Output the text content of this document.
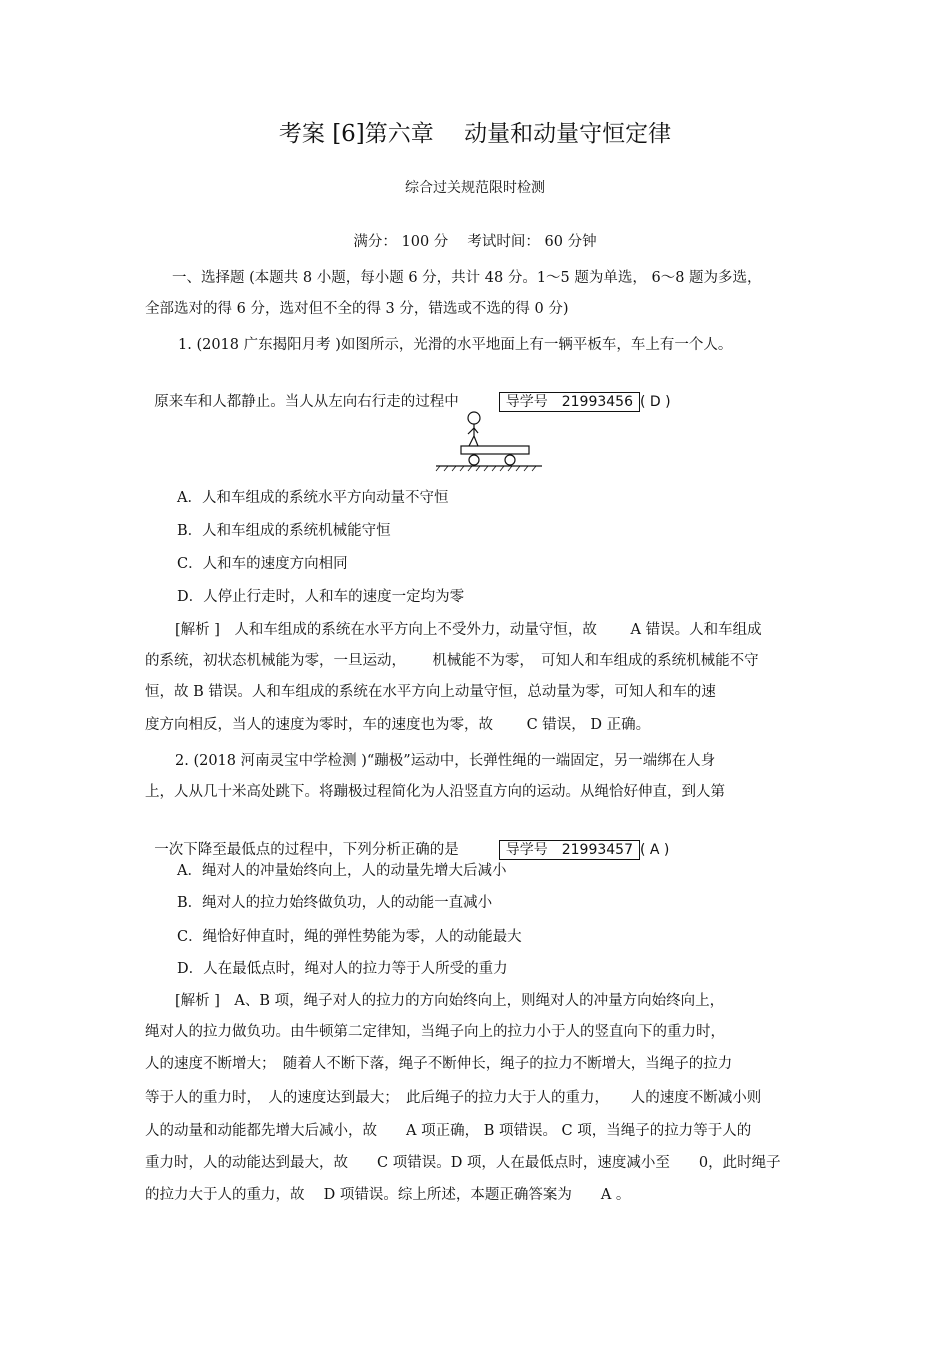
考案 [6]第六章　 动量和动量守恒定律
综合过关规范限时检测
满分： 100 分　 考试时间： 60 分钟
一、选择题 (本题共 8 小题，每小题 6 分，共计 48 分。1～5 题为单选， 6～8 题为多选，
全部选对的得 6 分，选对但不全的得 3 分，错选或不选的得 0 分)
1. (2018 广东揭阳月考 )如图所示，光滑的水平地面上有一辆平板车，车上有一个人。

原来车和人都静止。当人从左向右行走的过程中	导学号　21993456 ( D )

A．人和车组成的系统水平方向动量不守恒
B．人和车组成的系统机械能守恒
C．人和车的速度方向相同
D．人停止行走时，人和车的速度一定均为零
[解析 ]　人和车组成的系统在水平方向上不受外力，动量守恒，故　　 A 错误。人和车组成
的系统，初状态机械能为零，一旦运动，　　 机械能不为零，　可知人和车组成的系统机械能不守
恒，故 B 错误。人和车组成的系统在水平方向上动量守恒，总动量为零，可知人和车的速
度方向相反，当人的速度为零时，车的速度也为零，故　　 C 错误， D 正确。
2. (2018 河南灵宝中学检测 )“蹦极”运动中，长弹性绳的一端固定，另一端绑在人身
上，人从几十米高处跳下。将蹦极过程简化为人沿竖直方向的运动。从绳恰好伸直，到人第

一次下降至最低点的过程中，下列分析正确的是	导学号　21993457 ( A )

A．绳对人的冲量始终向上，人的动量先增大后减小
B．绳对人的拉力始终做负功，人的动能一直减小
C．绳恰好伸直时，绳的弹性势能为零，人的动能最大
D．人在最低点时，绳对人的拉力等于人所受的重力
[解析 ]　A、B 项，绳子对人的拉力的方向始终向上，则绳对人的冲量方向始终向上，
绳对人的拉力做负功。由牛顿第二定律知，当绳子向上的拉力小于人的竖直向下的重力时，
人的速度不断增大；　随着人不断下落，绳子不断伸长，绳子的拉力不断增大，当绳子的拉力
等于人的重力时，　人的速度达到最大；　此后绳子的拉力大于人的重力，　　人的速度不断减小则
人的动量和动能都先增大后减小，故　　A 项正确， B 项错误。 C 项，当绳子的拉力等于人的
重力时，人的动能达到最大，故　　C 项错误。D 项，人在最低点时，速度减小至　　0，此时绳子
的拉力大于人的重力，故　 D 项错误。综上所述，本题正确答案为　　A 。
